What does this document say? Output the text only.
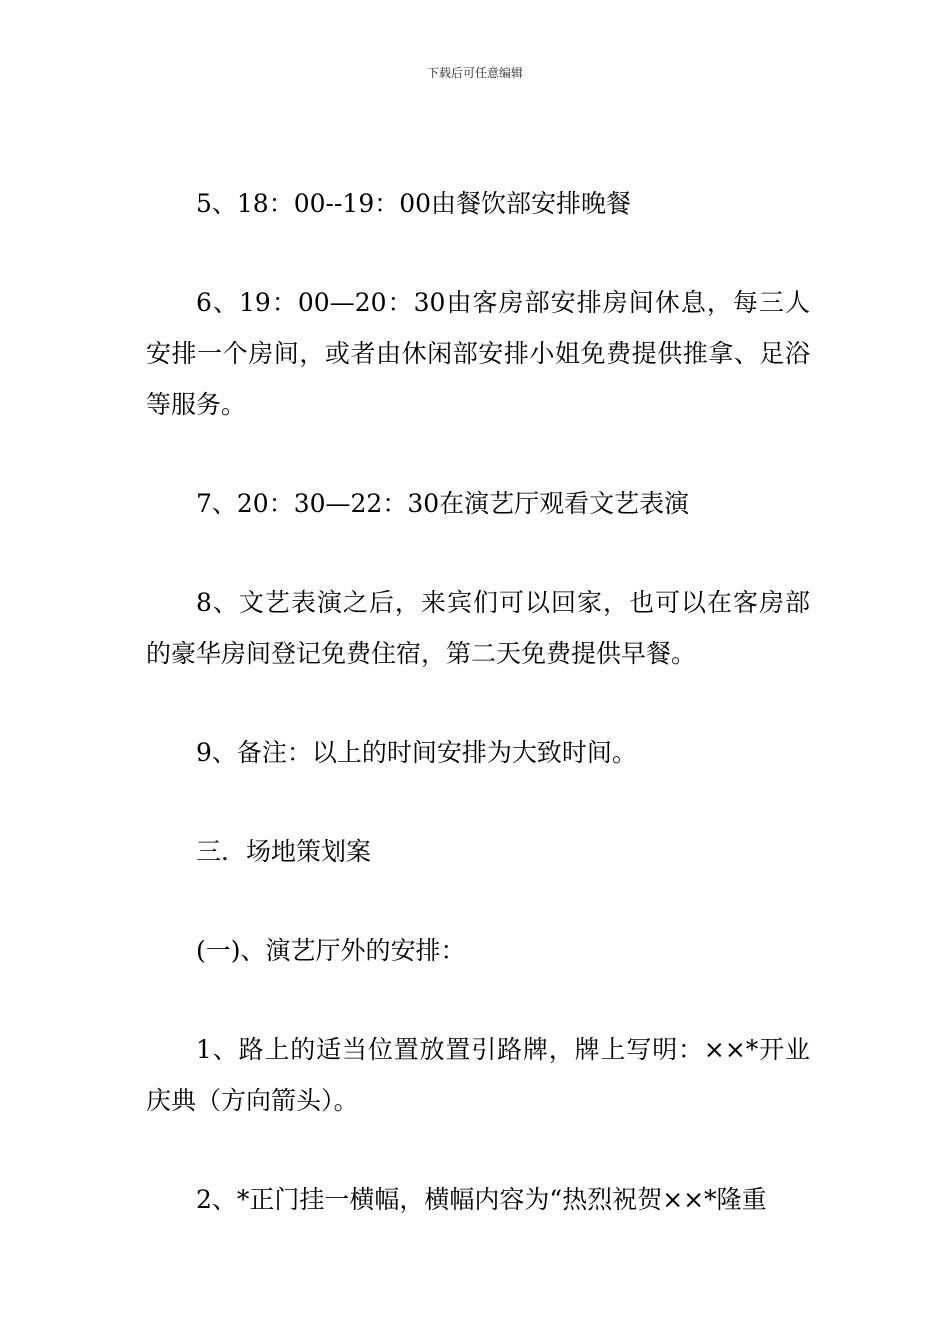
下载后可任意编辑

5、18：00--19：00由餐饮部安排晚餐

6、19：00—20：30由客房部安排房间休息，每三人安排一个房间，或者由休闲部安排小姐免费提供推拿、足浴等服务。

7、20：30—22：30在演艺厅观看文艺表演

8、文艺表演之后，来宾们可以回家，也可以在客房部的豪华房间登记免费住宿，第二天免费提供早餐。

9、备注：以上的时间安排为大致时间。

三．场地策划案

(一)、演艺厅外的安排：

1、路上的适当位置放置引路牌，牌上写明：××*开业庆典（方向箭头）。

2、*正门挂一横幅，横幅内容为“热烈祝贺××*隆重
